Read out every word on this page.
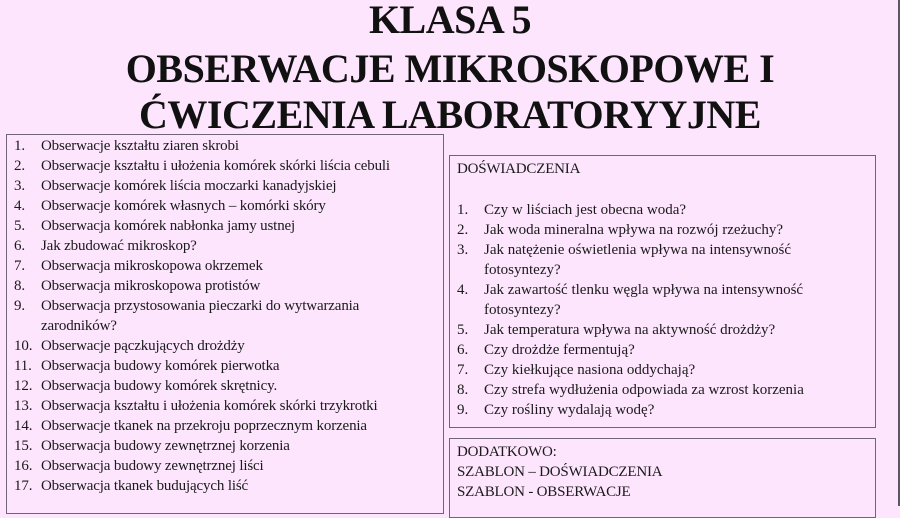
KLASA 5
OBSERWACJE MIKROSKOPOWE I
ĆWICZENIA LABORATORYYJNE
1. Obserwacje kształtu ziaren skrobi
2. Obserwacje kształtu i ułożenia komórek skórki liścia cebuli
3. Obserwacje komórek liścia moczarki kanadyjskiej
4. Obserwacje komórek własnych – komórki skóry
5. Obserwacja komórek nabłonka jamy ustnej
6. Jak zbudować mikroskop?
7. Obserwacja mikroskopowa okrzemek
8. Obserwacja mikroskopowa protistów
9. Obserwacja przystosowania pieczarki do wytwarzania zarodników?
10. Obserwacje pączkujących drożdży
11. Obserwacja budowy komórek pierwotka
12. Obserwacja budowy komórek skrętnicy.
13. Obserwacja kształtu i ułożenia komórek skórki trzykrotki
14. Obserwacje tkanek na przekroju poprzecznym korzenia
15. Obserwacja budowy zewnętrznej korzenia
16. Obserwacja budowy zewnętrznej liści
17. Obserwacja tkanek budujących liść
DOŚWIADCZENIA
1. Czy w liściach jest obecna woda?
2. Jak woda mineralna wpływa na rozwój rzeżuchy?
3. Jak natężenie oświetlenia wpływa na intensywność fotosyntezy?
4. Jak zawartość tlenku węgla wpływa na intensywność fotosyntezy?
5. Jak temperatura wpływa na aktywność drożdży?
6. Czy drożdże fermentują?
7. Czy kiełkujące nasiona oddychają?
8. Czy strefa wydłużenia odpowiada za wzrost korzenia
9. Czy rośliny wydalają wodę?
DODATKOWO:
SZABLON – DOŚWIADCZENIA
SZABLON - OBSERWACJE
